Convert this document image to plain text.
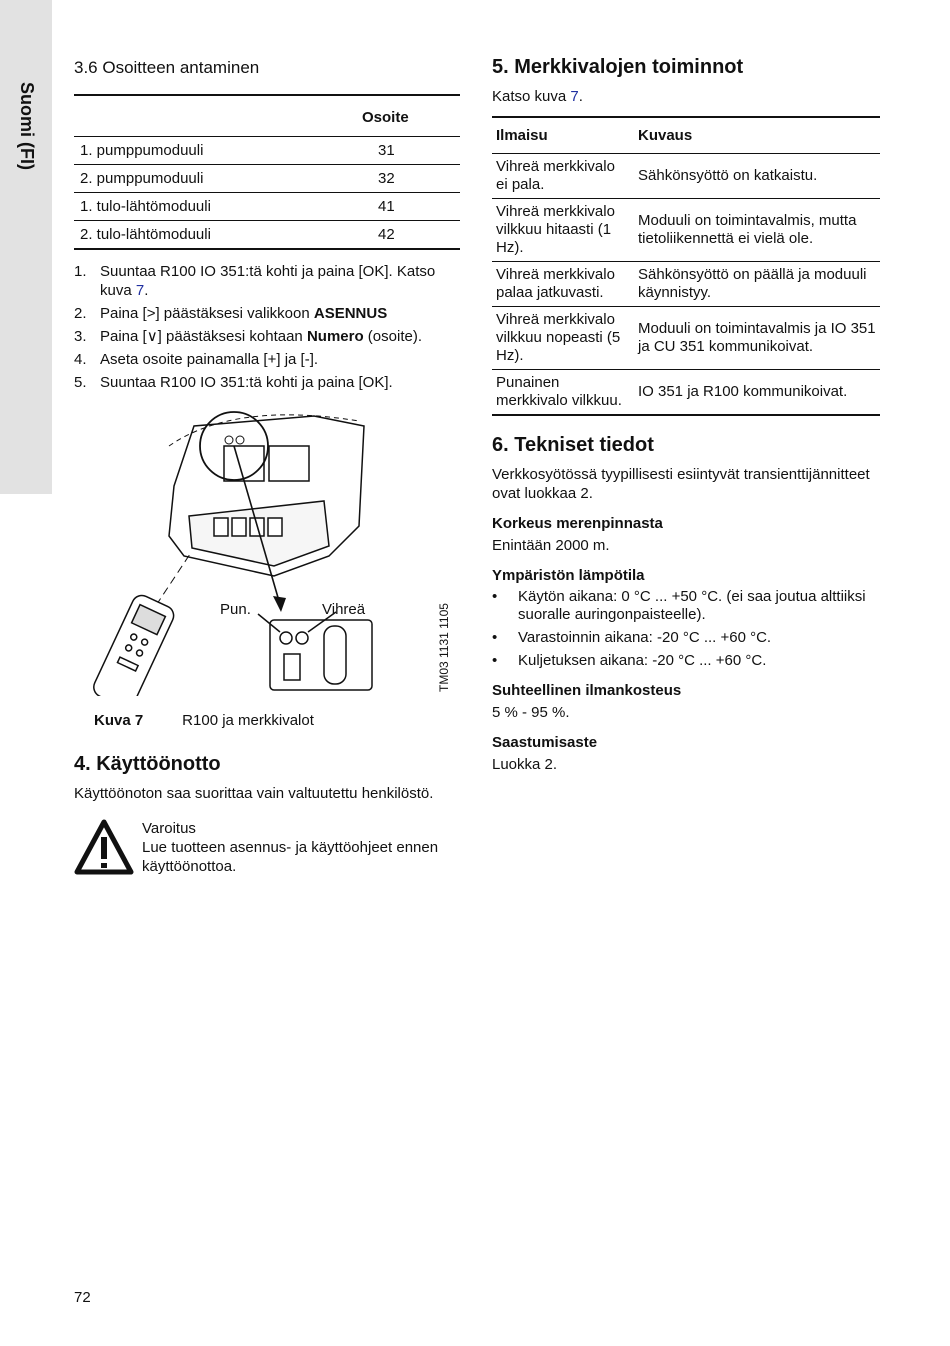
Suomi (FI)
3.6 Osoitteen antaminen
Osoite
1. pumppumoduuli	31

2. pumppumoduuli	32

1. tulo-lähtömoduuli	41

2. tulo-lähtömoduuli	42
1. Suuntaa R100 IO 351:tä kohti ja paina [OK]. Katso kuva 7.
2. Paina [>] päästäksesi valikkoon ASENNUS
3. Paina [∨] päästäksesi kohtaan Numero (osoite).
4. Aseta osoite painamalla [+] ja [-].
5. Suuntaa R100 IO 351:tä kohti ja paina [OK].
Pun.	Vihreä	TM03 1131 1105
Kuva 7	R100 ja merkkivalot
4. Käyttöönotto

Käyttöönoton saa suorittaa vain valtuutettu henkilöstö.

Varoitus
Lue tuotteen asennus- ja käyttöohjeet ennen käyttöönottoa.
5. Merkkivalojen toiminnot

Katso kuva 7.

Ilmaisu	Kuvaus
Vihreä merkkivalo ei pala.	Sähkönsyöttö on katkaistu.
Vihreä merkkivalo vilkkuu hitaasti (1 Hz).	Moduuli on toimintavalmis, mutta tietoliikennettä ei vielä ole.
Vihreä merkkivalo palaa jatkuvasti.	Sähkönsyöttö on päällä ja moduuli käynnistyy.
Vihreä merkkivalo vilkkuu nopeasti (5 Hz).	Moduuli on toimintavalmis ja IO 351 ja CU 351 kommunikoivat.
Punainen merkkivalo vilkkuu.	IO 351 ja R100 kommunikoivat.
6. Tekniset tiedot

Verkkosyötössä tyypillisesti esiintyvät transienttijännitteet ovat luokkaa 2.

Korkeus merenpinnasta

Enintään 2000 m.

Ympäristön lämpötila
• Käytön aikana: 0 °C ... +50 °C. (ei saa joutua alttiiksi suoralle auringonpaisteelle).
• Varastoinnin aikana: -20 °C ... +60 °C.
• Kuljetuksen aikana: -20 °C ... +60 °C.
Suhteellinen ilmankosteus

5 % - 95 %.

Saastumisaste

Luokka 2.

72
